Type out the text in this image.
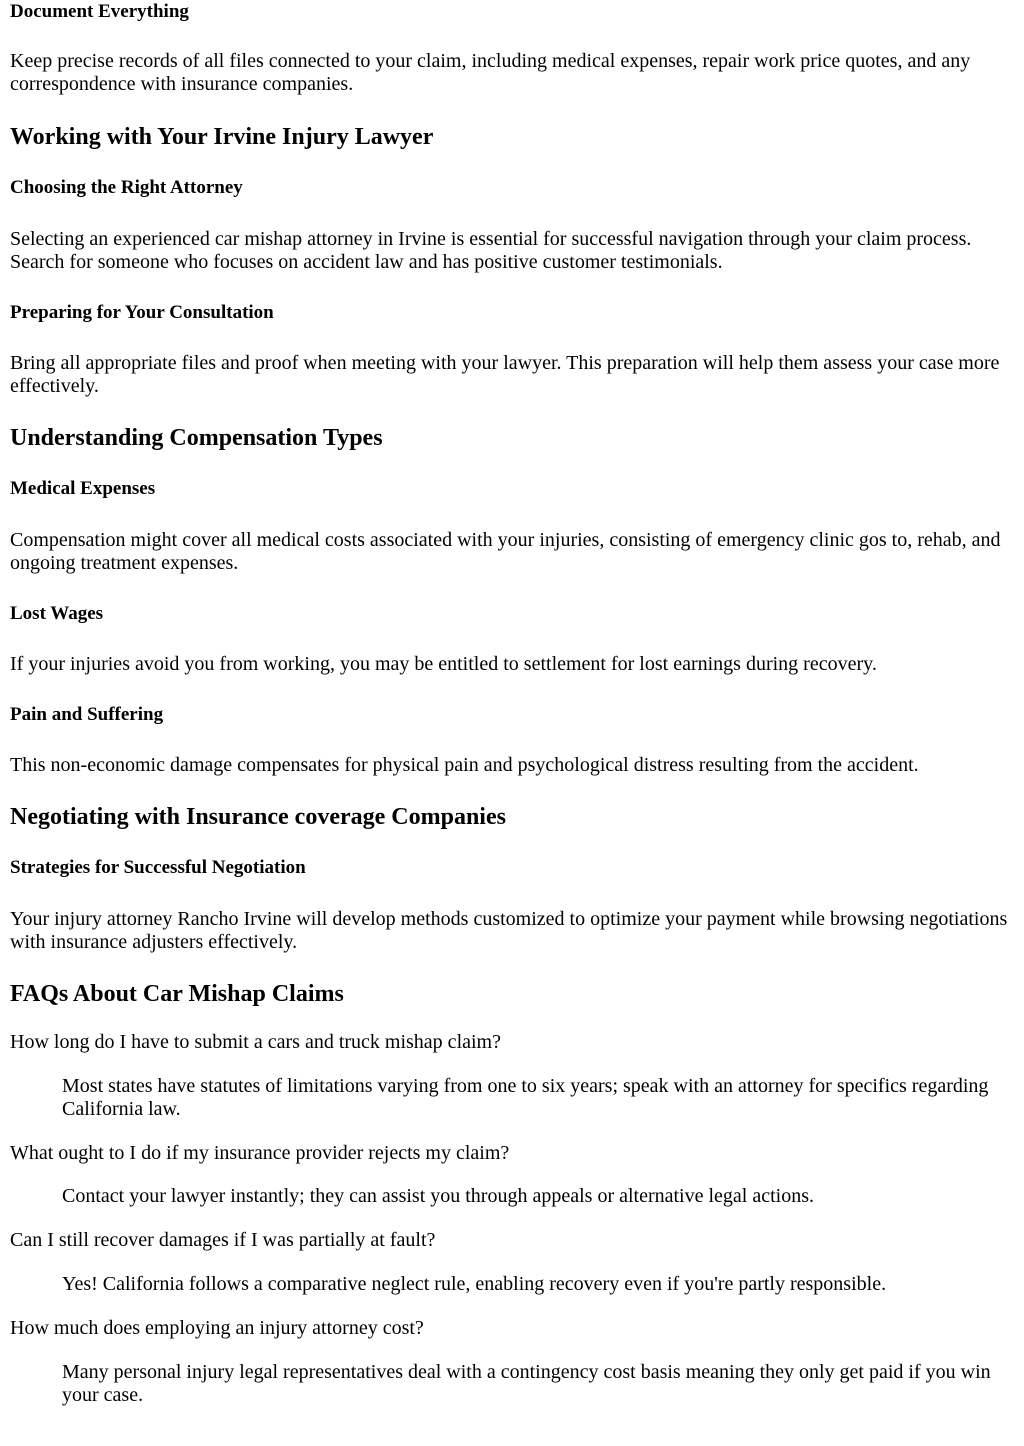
Document Everything

Keep precise records of all files connected to your claim, including medical expenses, repair work price quotes, and any correspondence with insurance companies.

Working with Your Irvine Injury Lawyer
Choosing the Right Attorney

Selecting an experienced car mishap attorney in Irvine is essential for successful navigation through your claim process. Search for someone who focuses on accident law and has positive customer testimonials.

Preparing for Your Consultation

Bring all appropriate files and proof when meeting with your lawyer. This preparation will help them assess your case more effectively.

Understanding Compensation Types
Medical Expenses

Compensation might cover all medical costs associated with your injuries, consisting of emergency clinic gos to, rehab, and ongoing treatment expenses.

Lost Wages

If your injuries avoid you from working, you may be entitled to settlement for lost earnings during recovery.

Pain and Suffering

This non-economic damage compensates for physical pain and psychological distress resulting from the accident.

Negotiating with Insurance coverage Companies
Strategies for Successful Negotiation

Your injury attorney Rancho Irvine will develop methods customized to optimize your payment while browsing negotiations with insurance adjusters effectively.

FAQs About Car Mishap Claims
How long do I have to submit a cars and truck mishap claim?
Most states have statutes of limitations varying from one to six years; speak with an attorney for specifics regarding California law.
What ought to I do if my insurance provider rejects my claim?
Contact your lawyer instantly; they can assist you through appeals or alternative legal actions.
Can I still recover damages if I was partially at fault?
Yes! California follows a comparative neglect rule, enabling recovery even if you're partly responsible.
How much does employing an injury attorney cost?
Many personal injury legal representatives deal with a contingency cost basis meaning they only get paid if you win your case.
